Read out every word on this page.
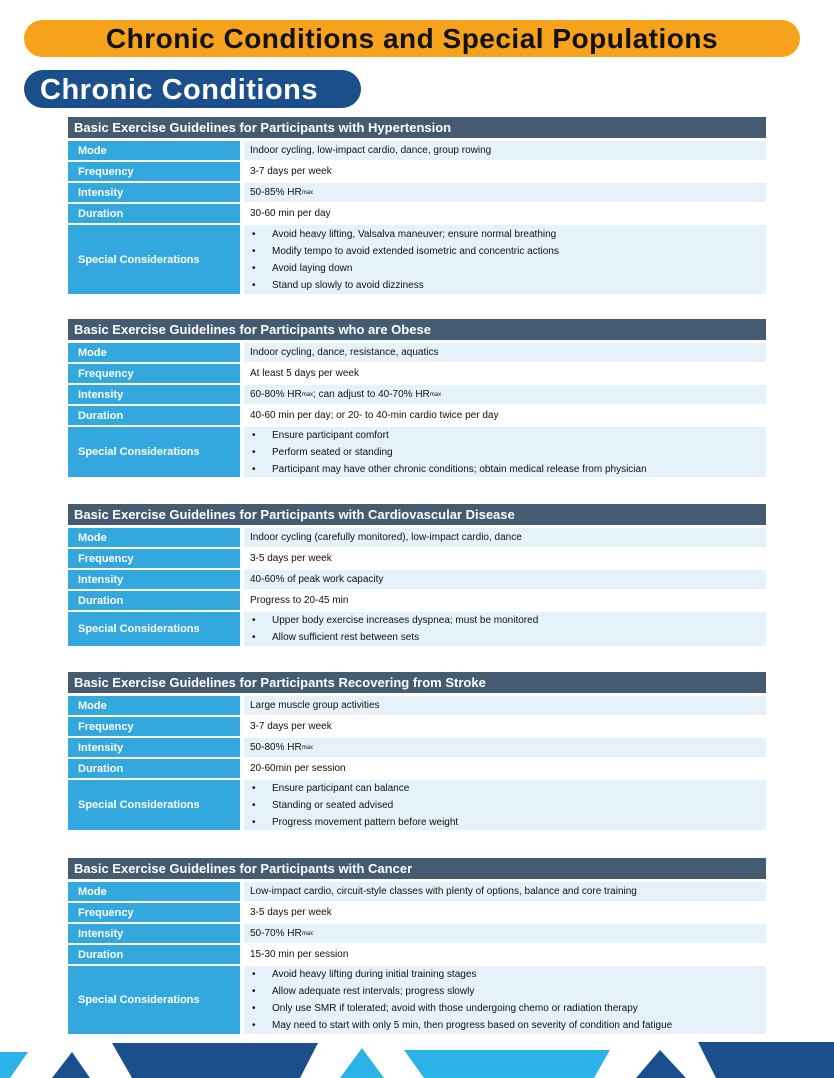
Chronic Conditions and Special Populations
Chronic Conditions
Basic Exercise Guidelines for Participants with Hypertension
Mode	Indoor cycling, low-impact cardio, dance, group rowing
Frequency	3-7 days per week
Intensity	50-85% HR max
Duration	30-60 min per day
Special Considerations
• Avoid heavy lifting, Valsalva maneuver; ensure normal breathing
• Modify tempo to avoid extended isometric and concentric actions
• Avoid laying down
• Stand up slowly to avoid dizziness
Basic Exercise Guidelines for Participants who are Obese
Mode	Indoor cycling, dance, resistance, aquatics
Frequency	At least 5 days per week
Intensity	60-80% HR max ; can adjust to 40-70% HR max
Duration	40-60 min per day; or 20- to 40-min cardio twice per day
Special Considerations
• Ensure participant comfort
• Perform seated or standing
• Participant may have other chronic conditions; obtain medical release from physician
Basic Exercise Guidelines for Participants with Cardiovascular Disease
Mode	Indoor cycling (carefully monitored), low-impact cardio, dance
Frequency	3-5 days per week
Intensity	40-60% of peak work capacity
Duration	Progress to 20-45 min
Special Considerations
• Upper body exercise increases dyspnea; must be monitored
• Allow sufficient rest between sets
Basic Exercise Guidelines for Participants Recovering from Stroke
Mode	Large muscle group activities
Frequency	3-7 days per week
Intensity	50-80% HR max
Duration	20-60min per session
Special Considerations
• Ensure participant can balance
• Standing or seated advised
• Progress movement pattern before weight
Basic Exercise Guidelines for Participants with Cancer
Mode	Low-impact cardio, circuit-style classes with plenty of options, balance and core training
Frequency	3-5 days per week
Intensity	50-70% HR max
Duration	15-30 min per session
Special Considerations
• Avoid heavy lifting during initial training stages
• Allow adequate rest intervals; progress slowly
• Only use SMR if tolerated; avoid with those undergoing chemo or radiation therapy
• May need to start with only 5 min, then progress based on severity of condition and fatigue
